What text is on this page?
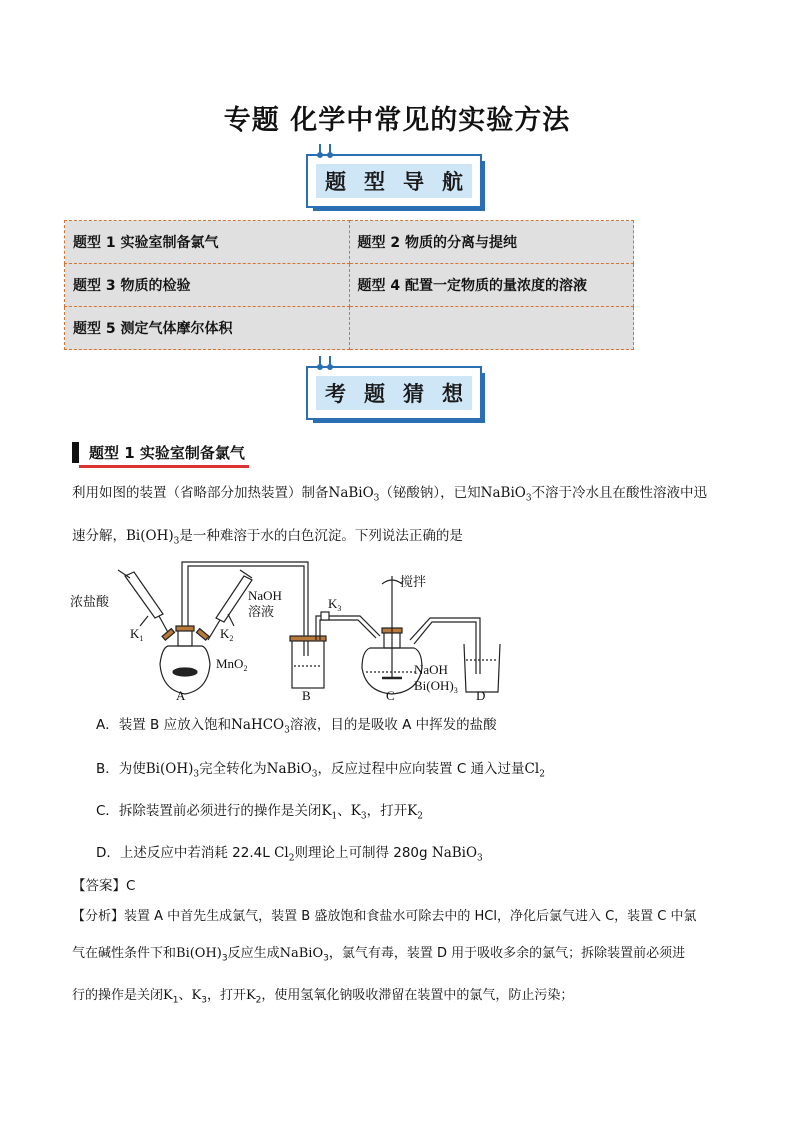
专题 化学中常见的实验方法
题 型 导 航
题型 1 实验室制备氯气	题型 2 物质的分离与提纯
题型 3 物质的检验	题型 4 配置一定物质的量浓度的溶液
题型 5 测定气体摩尔体积	
考 题 猜 想
题型 1 实验室制备氯气
利用如图的装置（省略部分加热装置）制备NaBiO$_3$（铋酸钠），已知NaBiO$_3$不溶于冷水且在酸性溶液中迅
速分解，$Bi(OH)_3$是一种难溶于水的白色沉淀。下列说法正确的是
浓盐酸
$K_1$	$K_2$
NaOH
溶液
MnO$_2$
$K_3$
搅拌
NaOH
$Bi(OH)_3$
A	B	C	D
A．装置 B 应放入饱和NaHCO$_3$溶液，目的是吸收 A 中挥发的盐酸
B．为使$Bi(OH)_3$完全转化为NaBiO$_3$，反应过程中应向装置 C 通入过量$Cl_2$
C．拆除装置前必须进行的操作是关闭$K_1$、$K_3$，打开$K_2$
D．上述反应中若消耗 22.4L $Cl_2$则理论上可制得 280g NaBiO$_3$
【答案】C
【分析】装置 A 中首先生成氯气，装置 B 盛放饱和食盐水可除去中的 HCl，净化后氯气进入 C，装置 C 中氯
气在碱性条件下和$Bi(OH)_3$反应生成NaBiO$_3$，氯气有毒，装置 D 用于吸收多余的氯气；拆除装置前必须进
行的操作是关闭$K_1$、$K_3$，打开$K_2$，使用氢氧化钠吸收滞留在装置中的氯气，防止污染；
